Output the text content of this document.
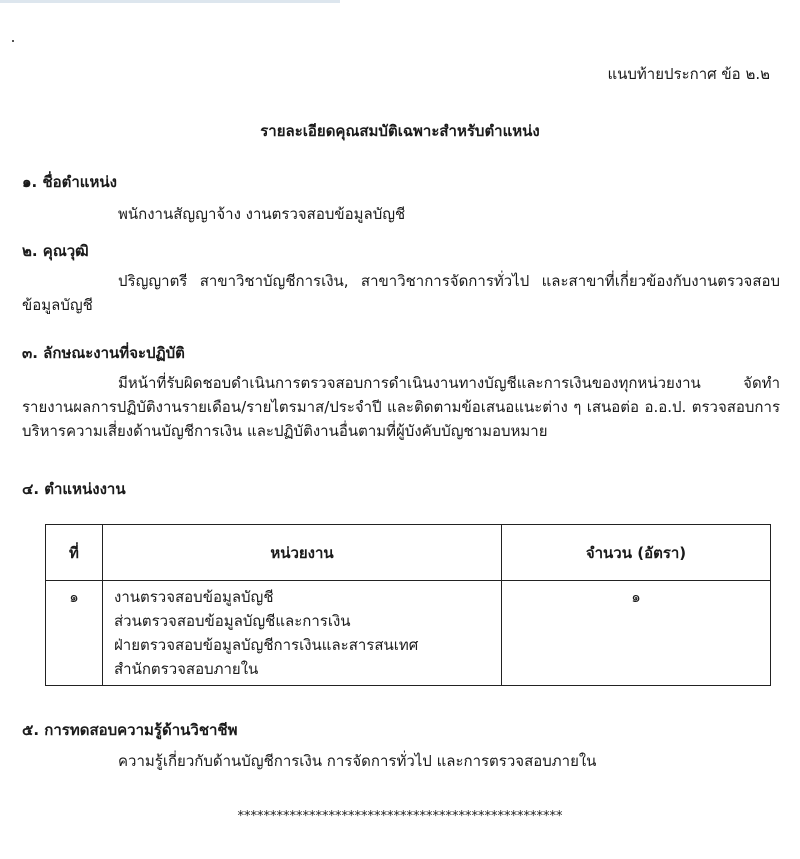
แนบท้ายประกาศ ข้อ ๒.๒
รายละเอียดคุณสมบัติเฉพาะสำหรับตำแหน่ง
๑. ชื่อตำแหน่ง
พนักงานสัญญาจ้าง งานตรวจสอบข้อมูลบัญชี
๒. คุณวุฒิ

ปริญญาตรี สาขาวิชาบัญชีการเงิน, สาขาวิชาการจัดการทั่วไป และสาขาที่เกี่ยวข้องกับงานตรวจสอบข้อมูลบัญชี

๓. ลักษณะงานที่จะปฏิบัติ

มีหน้าที่รับผิดชอบดำเนินการตรวจสอบการดำเนินงานทางบัญชีและการเงินของทุกหน่วยงาน จัดทำรายงานผลการปฏิบัติงานรายเดือน/รายไตรมาส/ประจำปี และติดตามข้อเสนอแนะต่าง ๆ เสนอต่อ อ.อ.ป. ตรวจสอบการบริหารความเสี่ยงด้านบัญชีการเงิน และปฏิบัติงานอื่นตามที่ผู้บังคับบัญชามอบหมาย

๔. ตำแหน่งงาน
ที่	หน่วยงาน	จำนวน (อัตรา)
๑	งานตรวจสอบข้อมูลบัญชี
ส่วนตรวจสอบข้อมูลบัญชีและการเงิน
ฝ่ายตรวจสอบข้อมูลบัญชีการเงินและสารสนเทศ
สำนักตรวจสอบภายใน	๑
๕. การทดสอบความรู้ด้านวิชาชีพ
ความรู้เกี่ยวกับด้านบัญชีการเงิน การจัดการทั่วไป และการตรวจสอบภายใน
**************************************************
